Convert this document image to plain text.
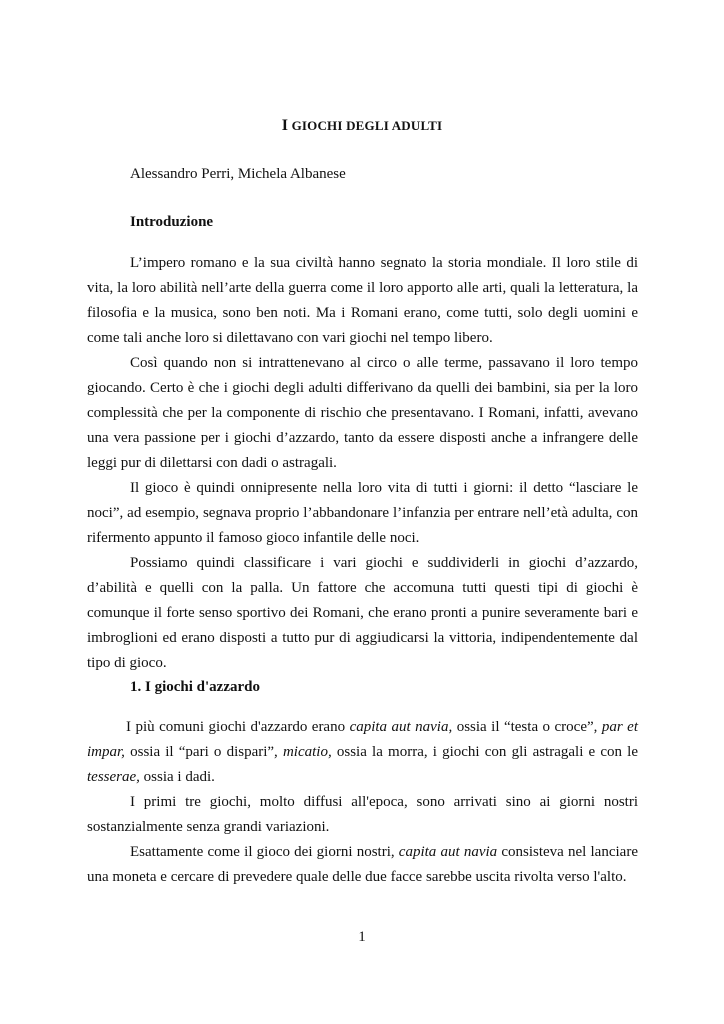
I GIOCHI DEGLI ADULTI
Alessandro Perri, Michela Albanese
Introduzione

L’impero romano e la sua civiltà hanno segnato la storia mondiale. Il loro stile di vita, la loro abilità nell’arte della guerra come il loro apporto alle arti, quali la letteratura, la filosofia e la musica, sono ben noti. Ma i Romani erano, come tutti, solo degli uomini e come tali anche loro si dilettavano con vari giochi nel tempo libero.

Così quando non si intrattenevano al circo o alle terme, passavano il loro tempo giocando. Certo è che i giochi degli adulti differivano da quelli dei bambini, sia per la loro complessità che per la componente di rischio che presentavano. I Romani, infatti, avevano una vera passione per i giochi d’azzardo, tanto da essere disposti anche a infrangere delle leggi pur di dilettarsi con dadi o astragali.

Il gioco è quindi onnipresente nella loro vita di tutti i giorni: il detto “lasciare le noci”, ad esempio, segnava proprio l’abbandonare l’infanzia per entrare nell’età adulta, con rifermento appunto il famoso gioco infantile delle noci.

Possiamo quindi classificare i vari giochi e suddividerli in giochi d’azzardo, d’abilità e quelli con la palla. Un fattore che accomuna tutti questi tipi di giochi è comunque il forte senso sportivo dei Romani, che erano pronti a punire severamente bari e imbroglioni ed erano disposti a tutto pur di aggiudicarsi la vittoria, indipendentemente dal tipo di gioco.

1. I giochi d'azzardo

I più comuni giochi d'azzardo erano capita aut navia, ossia il “testa o croce”, par et impar, ossia il “pari o dispari”, micatio, ossia la morra, i giochi con gli astragali e con le tesserae, ossia i dadi.

I primi tre giochi, molto diffusi all'epoca, sono arrivati sino ai giorni nostri sostanzialmente senza grandi variazioni.

Esattamente come il gioco dei giorni nostri, capita aut navia consisteva nel lanciare una moneta e cercare di prevedere quale delle due facce sarebbe uscita rivolta verso l'alto.

1
